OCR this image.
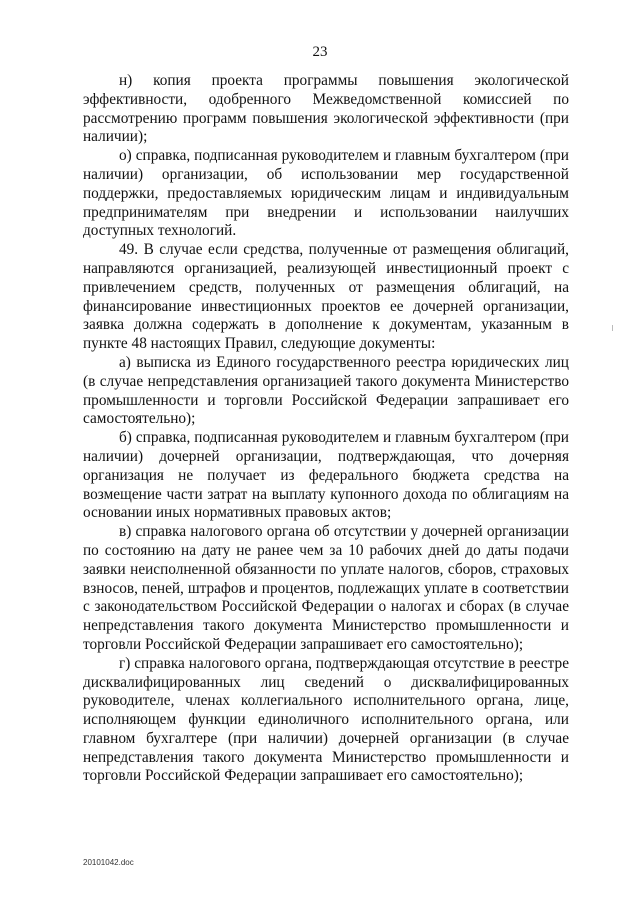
23

н) копия проекта программы повышения экологической эффективности, одобренного Межведомственной комиссией по рассмотрению программ повышения экологической эффективности (при наличии);

о) справка, подписанная руководителем и главным бухгалтером (при наличии) организации, об использовании мер государственной поддержки, предоставляемых юридическим лицам и индивидуальным предпринимателям при внедрении и использовании наилучших доступных технологий.

49. В случае если средства, полученные от размещения облигаций, направляются организацией, реализующей инвестиционный проект с привлечением средств, полученных от размещения облигаций, на финансирование инвестиционных проектов ее дочерней организации, заявка должна содержать в дополнение к документам, указанным в пункте 48 настоящих Правил, следующие документы:

а) выписка из Единого государственного реестра юридических лиц (в случае непредставления организацией такого документа Министерство промышленности и торговли Российской Федерации запрашивает его самостоятельно);

б) справка, подписанная руководителем и главным бухгалтером (при наличии) дочерней организации, подтверждающая, что дочерняя организация не получает из федерального бюджета средства на возмещение части затрат на выплату купонного дохода по облигациям на основании иных нормативных правовых актов;

в) справка налогового органа об отсутствии у дочерней организации по состоянию на дату не ранее чем за 10 рабочих дней до даты подачи заявки неисполненной обязанности по уплате налогов, сборов, страховых взносов, пеней, штрафов и процентов, подлежащих уплате в соответствии с законодательством Российской Федерации о налогах и сборах (в случае непредставления такого документа Министерство промышленности и торговли Российской Федерации запрашивает его самостоятельно);

г) справка налогового органа, подтверждающая отсутствие в реестре дисквалифицированных лиц сведений о дисквалифицированных руководителе, членах коллегиального исполнительного органа, лице, исполняющем функции единоличного исполнительного органа, или главном бухгалтере (при наличии) дочерней организации (в случае непредставления такого документа Министерство промышленности и торговли Российской Федерации запрашивает его самостоятельно);

20101042.doc
